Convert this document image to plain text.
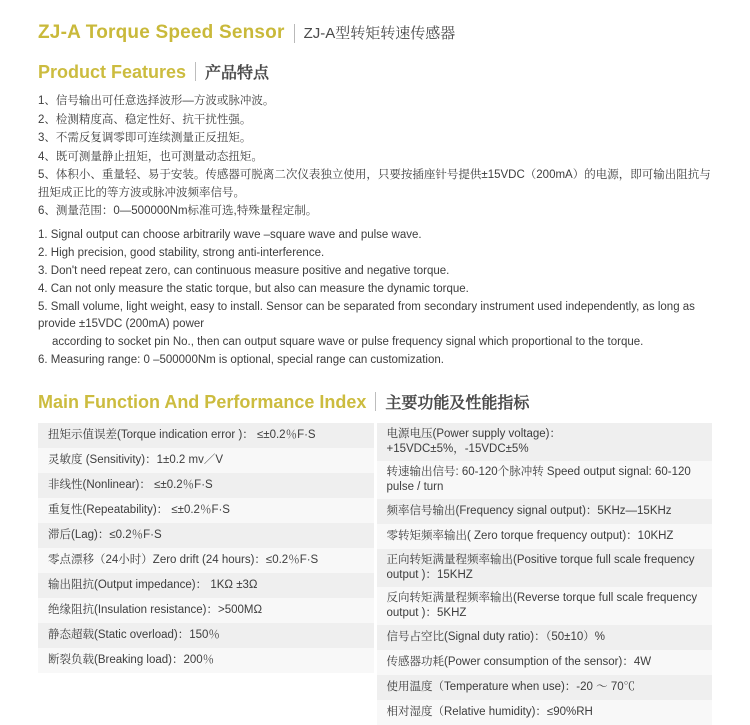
ZJ-A Torque Speed Sensor ZJ-A型转矩转速传感器
Product Features 产品特点
1、信号输出可任意选择波形—方波或脉冲波。
2、检测精度高、稳定性好、抗干扰性强。
3、不需反复调零即可连续测量正反扭矩。
4、既可测量静止扭矩，也可测量动态扭矩。
5、体积小、重量轻、易于安装。传感器可脱离二次仪表独立使用，只要按插座针号提供±15VDC（200mA）的电源，即可输出阻抗与扭矩成正比的等方波或脉冲波频率信号。
6、测量范围：0—500000Nm标准可选,特殊量程定制。
1. Signal output can choose arbitrarily wave –square wave and pulse wave.
2. High precision, good stability, strong anti-interference.
3. Don't need repeat zero, can continuous measure positive and negative torque.
4. Can not only measure the static torque, but also can measure the dynamic torque.
5. Small volume, light weight, easy to install. Sensor can be separated from secondary instrument used independently, as long as provide ±15VDC (200mA) power
according to socket pin No., then can output square wave or pulse frequency signal which proportional to the torque.
6. Measuring range: 0 –500000Nm is optional, special range can customization.
Main Function And Performance Index 主要功能及性能指标
扭矩示值误差(Torque indication error )： ≤±0.2％F·S
灵敏度 (Sensitivity)：1±0.2 mv／V
非线性(Nonlinear)： ≤±0.2％F·S
重复性(Repeatability)： ≤±0.2％F·S
滞后(Lag)：≤0.2％F·S
零点漂移（24小时）Zero drift (24 hours)：≤0.2％F·S
输出阻抗(Output impedance)： 1KΩ ±3Ω
绝缘阻抗(Insulation resistance)：>500MΩ
静态超载(Static overload)：150％
断裂负载(Breaking load)：200％
电源电压(Power supply voltage)： +15VDC±5%，-15VDC±5%
转速输出信号: 60-120个脉冲转 Speed output signal: 60-120 pulse / turn
频率信号输出(Frequency signal output)：5KHz—15KHz
零转矩频率输出( Zero torque frequency output)：10KHZ
正向转矩满量程频率输出(Positive torque full scale frequency output )：15KHZ
反向转矩满量程频率输出(Reverse torque full scale frequency output )：5KHZ
信号占空比(Signal duty ratio)：（50±10）%
传感器功耗(Power consumption of the sensor)：4W
使用温度（Temperature when use)：-20 ～ 70℃
相对湿度（Relative humidity)：≤90%RH
